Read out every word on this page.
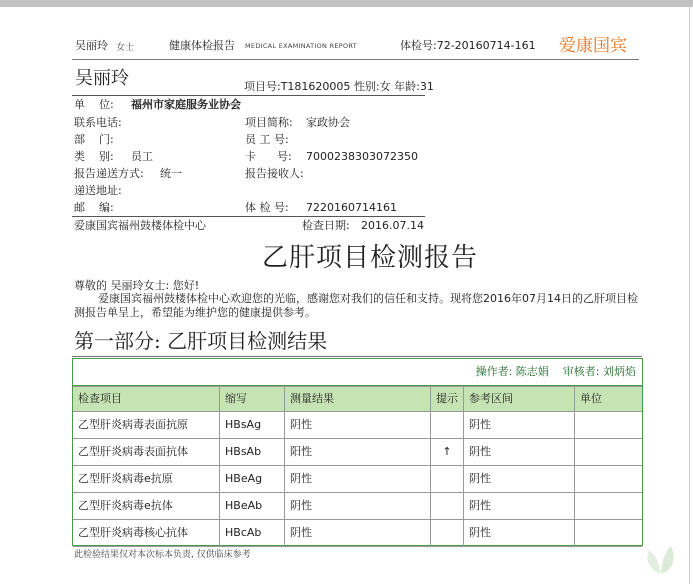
吴丽玲 女士	健康体检报告 MEDICAL EXAMINATION REPORT	体检号:72-20160714-161 爱康国宾
吴丽玲	项目号:T181620005 性别:女 年龄:31
单    位: 福州市家庭服务业协会
联系电话:	项目简称: 家政协会
部    门:	员 工 号:
类    别: 员工	卡      号: 7000238303072350
报告递送方式: 统一	报告接收人:
递送地址:
邮    编:	体 检 号: 7220160714161
爱康国宾福州鼓楼体检中心	检查日期: 2016.07.14
乙肝项目检测报告
尊敬的 吴丽玲女士: 您好!
爱康国宾福州鼓楼体检中心欢迎您的光临，感谢您对我们的信任和支持。现将您2016年07月14日的乙肝项目检测报告单呈上，希望能为维护您的健康提供参考。
第一部分: 乙肝项目检测结果
操作者: 陈志娟 审核者: 刘炳焰
检查项目	缩写	测量结果	提示	参考区间	单位
乙型肝炎病毒表面抗原	HBsAg	阴性		阴性	
乙型肝炎病毒表面抗体	HBsAb	阳性	↑	阴性	
乙型肝炎病毒e抗原	HBeAg	阴性		阴性	
乙型肝炎病毒e抗体	HBeAb	阴性		阴性	
乙型肝炎病毒核心抗体	HBcAb	阴性		阴性	
此检验结果仅对本次标本负责, 仅供临床参考
